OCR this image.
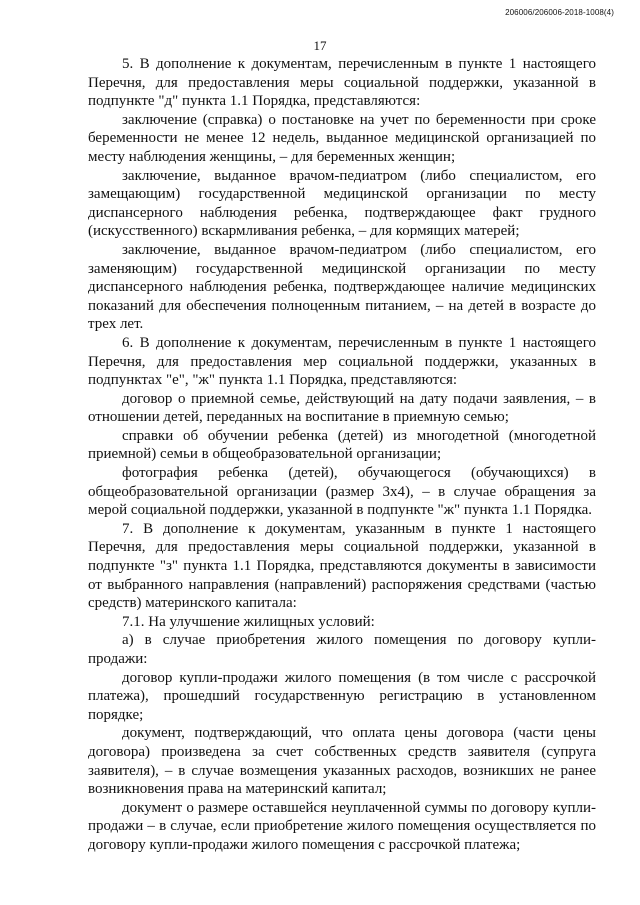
206006/206006-2018-1008(4)
17

5. В дополнение к документам, перечисленным в пункте 1 настоящего Перечня, для предоставления меры социальной поддержки, указанной в подпункте "д" пункта 1.1 Порядка, представляются:

заключение (справка) о постановке на учет по беременности при сроке беременности не менее 12 недель, выданное медицинской организацией по месту наблюдения женщины, – для беременных женщин;

заключение, выданное врачом-педиатром (либо специалистом, его замещающим) государственной медицинской организации по месту диспансерного наблюдения ребенка, подтверждающее факт грудного (искусственного) вскармливания ребенка, – для кормящих матерей;

заключение, выданное врачом-педиатром (либо специалистом, его заменяющим) государственной медицинской организации по месту диспансерного наблюдения ребенка, подтверждающее наличие медицинских показаний для обеспечения полноценным питанием, – на детей в возрасте до трех лет.

6. В дополнение к документам, перечисленным в пункте 1 настоящего Перечня, для предоставления мер социальной поддержки, указанных в подпунктах "е", "ж" пункта 1.1 Порядка, представляются:

договор о приемной семье, действующий на дату подачи заявления, – в отношении детей, переданных на воспитание в приемную семью;

справки об обучении ребенка (детей) из многодетной (многодетной приемной) семьи в общеобразовательной организации;

фотография ребенка (детей), обучающегося (обучающихся) в общеобразовательной организации (размер 3х4), – в случае обращения за мерой социальной поддержки, указанной в подпункте "ж" пункта 1.1 Порядка.

7. В дополнение к документам, указанным в пункте 1 настоящего Перечня, для предоставления меры социальной поддержки, указанной в подпункте "з" пункта 1.1 Порядка, представляются документы в зависимости от выбранного направления (направлений) распоряжения средствами (частью средств) материнского капитала:

7.1. На улучшение жилищных условий:

а) в случае приобретения жилого помещения по договору купли-продажи:

договор купли-продажи жилого помещения (в том числе с рассрочкой платежа), прошедший государственную регистрацию в установленном порядке;

документ, подтверждающий, что оплата цены договора (части цены договора) произведена за счет собственных средств заявителя (супруга заявителя), – в случае возмещения указанных расходов, возникших не ранее возникновения права на материнский капитал;

документ о размере оставшейся неуплаченной суммы по договору купли-продажи – в случае, если приобретение жилого помещения осуществляется по договору купли-продажи жилого помещения с рассрочкой платежа;
